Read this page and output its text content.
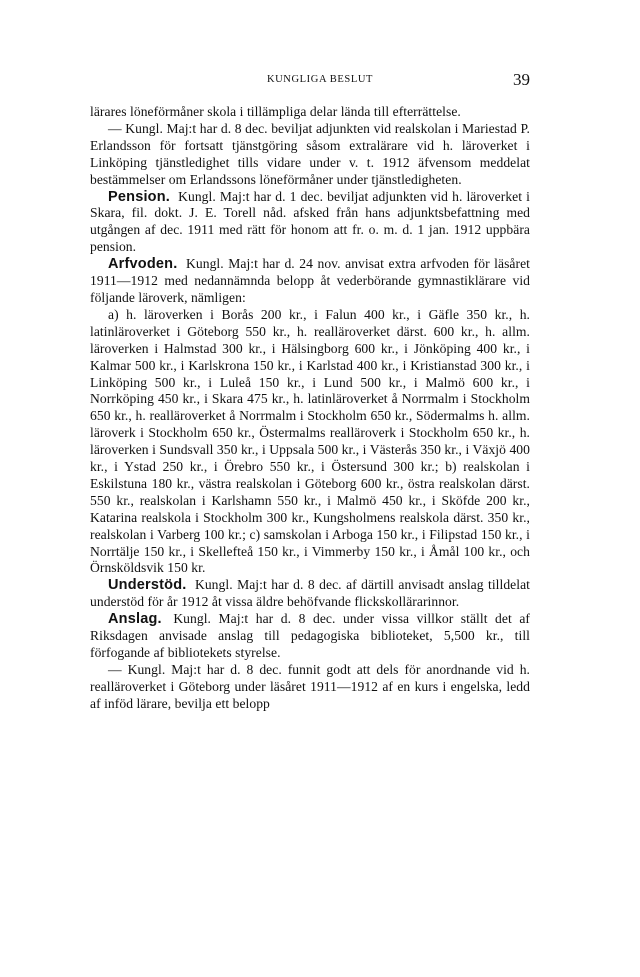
KUNGLIGA BESLUT	39

lärares löneförmåner skola i tillämpliga delar lända till efterrättelse.

— Kungl. Maj:t har d. 8 dec. beviljat adjunkten vid realskolan i Mariestad P. Erlandsson för fortsatt tjänstgöring såsom extralärare vid h. läroverket i Linköping tjänstledighet tills vidare under v. t. 1912 äfvensom meddelat bestämmelser om Erlandssons löneförmåner under tjänstledigheten.

Pension. Kungl. Maj:t har d. 1 dec. beviljat adjunkten vid h. läroverket i Skara, fil. dokt. J. E. Torell nåd. afsked från hans adjunktsbefattning med utgången af dec. 1911 med rätt för honom att fr. o. m. d. 1 jan. 1912 uppbära pension.

Arfvoden. Kungl. Maj:t har d. 24 nov. anvisat extra arfvoden för läsåret 1911—1912 med nedannämnda belopp åt vederbörande gymnastiklärare vid följande läroverk, nämligen:

a) h. läroverken i Borås 200 kr., i Falun 400 kr., i Gäfle 350 kr., h. latinläroverket i Göteborg 550 kr., h. realläroverket därst. 600 kr., h. allm. läroverken i Halmstad 300 kr., i Hälsingborg 600 kr., i Jönköping 400 kr., i Kalmar 500 kr., i Karlskrona 150 kr., i Karlstad 400 kr., i Kristianstad 300 kr., i Linköping 500 kr., i Luleå 150 kr., i Lund 500 kr., i Malmö 600 kr., i Norrköping 450 kr., i Skara 475 kr., h. latinläroverket å Norrmalm i Stockholm 650 kr., h. realläroverket å Norrmalm i Stockholm 650 kr., Södermalms h. allm. läroverk i Stockholm 650 kr., Östermalms realläroverk i Stockholm 650 kr., h. läroverken i Sundsvall 350 kr., i Uppsala 500 kr., i Västerås 350 kr., i Växjö 400 kr., i Ystad 250 kr., i Örebro 550 kr., i Östersund 300 kr.; b) realskolan i Eskilstuna 180 kr., västra realskolan i Göteborg 600 kr., östra realskolan därst. 550 kr., realskolan i Karlshamn 550 kr., i Malmö 450 kr., i Sköfde 200 kr., Katarina realskola i Stockholm 300 kr., Kungsholmens realskola därst. 350 kr., realskolan i Varberg 100 kr.; c) samskolan i Arboga 150 kr., i Filipstad 150 kr., i Norrtälje 150 kr., i Skellefteå 150 kr., i Vimmerby 150 kr., i Åmål 100 kr., och Örnsköldsvik 150 kr.

Understöd. Kungl. Maj:t har d. 8 dec. af därtill anvisadt anslag tilldelat understöd för år 1912 åt vissa äldre behöfvande flickskollärarinnor.

Anslag. Kungl. Maj:t har d. 8 dec. under vissa villkor ställt det af Riksdagen anvisade anslag till pedagogiska biblioteket, 5,500 kr., till förfogande af bibliotekets styrelse.

— Kungl. Maj:t har d. 8 dec. funnit godt att dels för anordnande vid h. realläroverket i Göteborg under läsåret 1911—1912 af en kurs i engelska, ledd af inföd lärare, bevilja ett belopp
